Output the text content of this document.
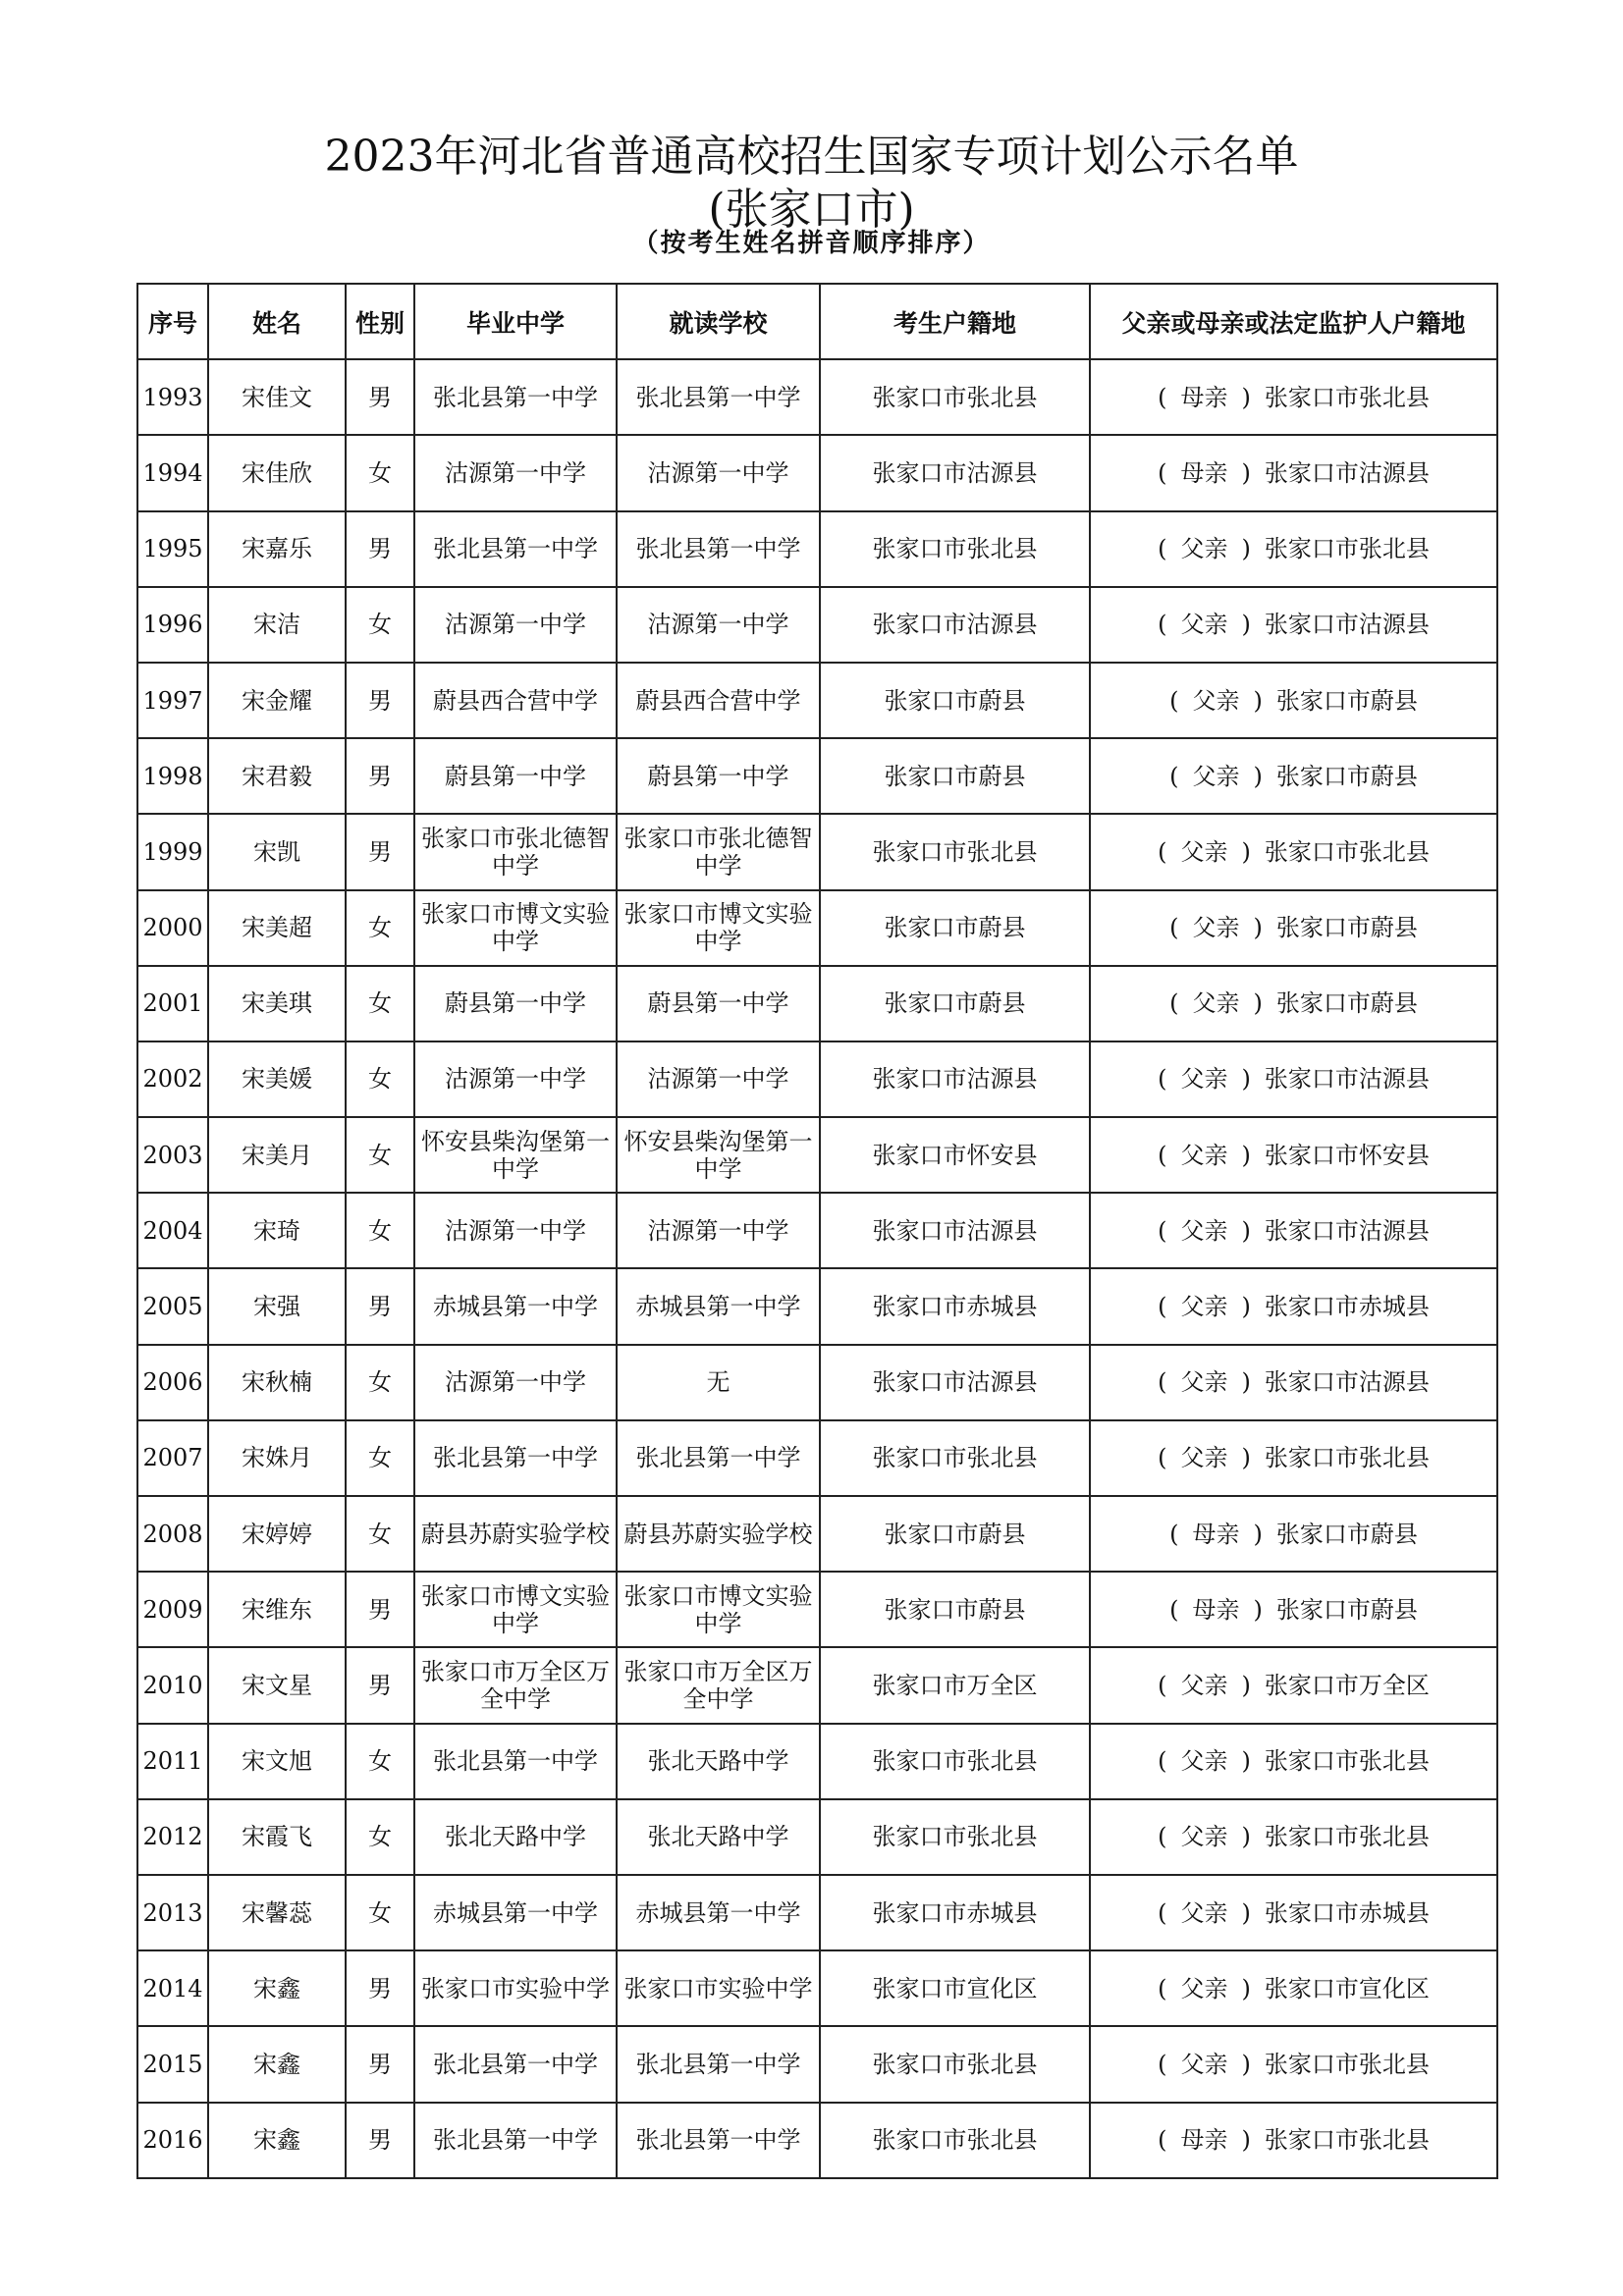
2023年河北省普通高校招生国家专项计划公示名单
(张家口市)
（按考生姓名拼音顺序排序）
序号	姓名	性别	毕业中学	就读学校	考生户籍地	父亲或母亲或法定监护人户籍地
1993	宋佳文	男	张北县第一中学	张北县第一中学	张家口市张北县	( 母亲 ) 张家口市张北县
1994	宋佳欣	女	沽源第一中学	沽源第一中学	张家口市沽源县	( 母亲 ) 张家口市沽源县
1995	宋嘉乐	男	张北县第一中学	张北县第一中学	张家口市张北县	( 父亲 ) 张家口市张北县
1996	宋洁	女	沽源第一中学	沽源第一中学	张家口市沽源县	( 父亲 ) 张家口市沽源县
1997	宋金耀	男	蔚县西合营中学	蔚县西合营中学	张家口市蔚县	( 父亲 ) 张家口市蔚县
1998	宋君毅	男	蔚县第一中学	蔚县第一中学	张家口市蔚县	( 父亲 ) 张家口市蔚县
1999	宋凯	男	张家口市张北德智中学	张家口市张北德智中学	张家口市张北县	( 父亲 ) 张家口市张北县
2000	宋美超	女	张家口市博文实验中学	张家口市博文实验中学	张家口市蔚县	( 父亲 ) 张家口市蔚县
2001	宋美琪	女	蔚县第一中学	蔚县第一中学	张家口市蔚县	( 父亲 ) 张家口市蔚县
2002	宋美媛	女	沽源第一中学	沽源第一中学	张家口市沽源县	( 父亲 ) 张家口市沽源县
2003	宋美月	女	怀安县柴沟堡第一中学	怀安县柴沟堡第一中学	张家口市怀安县	( 父亲 ) 张家口市怀安县
2004	宋琦	女	沽源第一中学	沽源第一中学	张家口市沽源县	( 父亲 ) 张家口市沽源县
2005	宋强	男	赤城县第一中学	赤城县第一中学	张家口市赤城县	( 父亲 ) 张家口市赤城县
2006	宋秋楠	女	沽源第一中学	无	张家口市沽源县	( 父亲 ) 张家口市沽源县
2007	宋姝月	女	张北县第一中学	张北县第一中学	张家口市张北县	( 父亲 ) 张家口市张北县
2008	宋婷婷	女	蔚县苏蔚实验学校	蔚县苏蔚实验学校	张家口市蔚县	( 母亲 ) 张家口市蔚县
2009	宋维东	男	张家口市博文实验中学	张家口市博文实验中学	张家口市蔚县	( 母亲 ) 张家口市蔚县
2010	宋文星	男	张家口市万全区万全中学	张家口市万全区万全中学	张家口市万全区	( 父亲 ) 张家口市万全区
2011	宋文旭	女	张北县第一中学	张北天路中学	张家口市张北县	( 父亲 ) 张家口市张北县
2012	宋霞飞	女	张北天路中学	张北天路中学	张家口市张北县	( 父亲 ) 张家口市张北县
2013	宋馨蕊	女	赤城县第一中学	赤城县第一中学	张家口市赤城县	( 父亲 ) 张家口市赤城县
2014	宋鑫	男	张家口市实验中学	张家口市实验中学	张家口市宣化区	( 父亲 ) 张家口市宣化区
2015	宋鑫	男	张北县第一中学	张北县第一中学	张家口市张北县	( 父亲 ) 张家口市张北县
2016	宋鑫	男	张北县第一中学	张北县第一中学	张家口市张北县	( 母亲 ) 张家口市张北县
